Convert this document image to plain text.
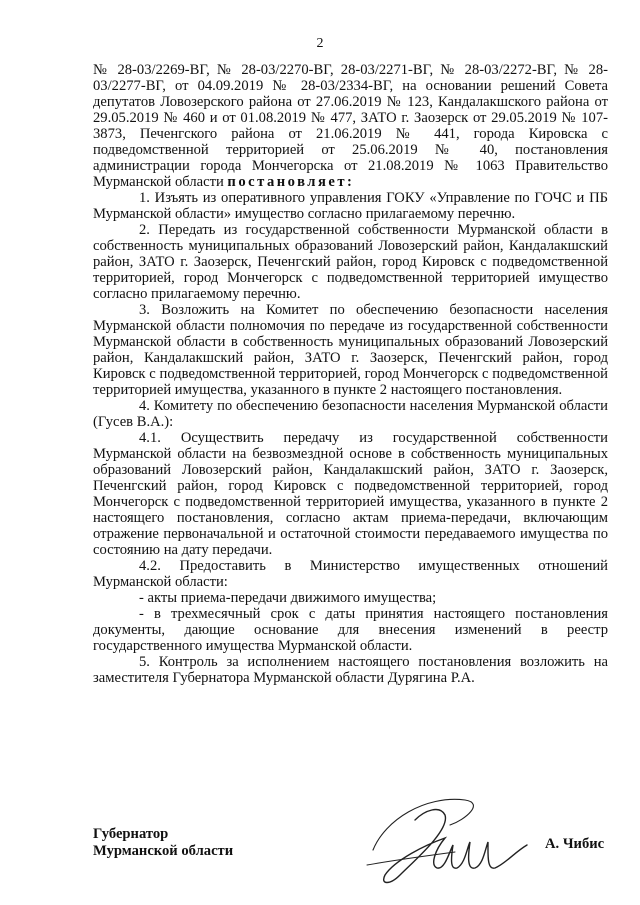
2

№ 28-03/2269-ВГ, № 28-03/2270-ВГ, 28-03/2271-ВГ, № 28-03/2272-ВГ, № 28-03/2277-ВГ, от 04.09.2019 № 28-03/2334-ВГ, на основании решений Совета депутатов Ловозерского района от 27.06.2019 № 123, Кандалакшского района от 29.05.2019 № 460 и от 01.08.2019 № 477, ЗАТО г. Заозерск от 29.05.2019 № 107-3873, Печенгского района от 21.06.2019 № 441, города Кировска с подведомственной территорией от 25.06.2019 № 40, постановления администрации города Мончегорска от 21.08.2019 № 1063 Правительство Мурманской области постановляет:

1. Изъять из оперативного управления ГОКУ «Управление по ГОЧС и ПБ Мурманской области» имущество согласно прилагаемому перечню.

2. Передать из государственной собственности Мурманской области в собственность муниципальных образований Ловозерский район, Кандалакшский район, ЗАТО г. Заозерск, Печенгский район, город Кировск с подведомственной территорией, город Мончегорск с подведомственной территорией имущество согласно прилагаемому перечню.

3. Возложить на Комитет по обеспечению безопасности населения Мурманской области полномочия по передаче из государственной собственности Мурманской области в собственность муниципальных образований Ловозерский район, Кандалакшский район, ЗАТО г. Заозерск, Печенгский район, город Кировск с подведомственной территорией, город Мончегорск с подведомственной территорией имущества, указанного в пункте 2 настоящего постановления.

4. Комитету по обеспечению безопасности населения Мурманской области (Гусев В.А.):

4.1. Осуществить передачу из государственной собственности Мурманской области на безвозмездной основе в собственность муниципальных образований Ловозерский район, Кандалакшский район, ЗАТО г. Заозерск, Печенгский район, город Кировск с подведомственной территорией, город Мончегорск с подведомственной территорией имущества, указанного в пункте 2 настоящего постановления, согласно актам приема-передачи, включающим отражение первоначальной и остаточной стоимости передаваемого имущества по состоянию на дату передачи.

4.2. Предоставить в Министерство имущественных отношений Мурманской области:

- акты приема-передачи движимого имущества;

- в трехмесячный срок с даты принятия настоящего постановления документы, дающие основание для внесения изменений в реестр государственного имущества Мурманской области.

5. Контроль за исполнением настоящего постановления возложить на заместителя Губернатора Мурманской области Дурягина Р.А.

Губернатор
Мурманской области	А. Чибис
